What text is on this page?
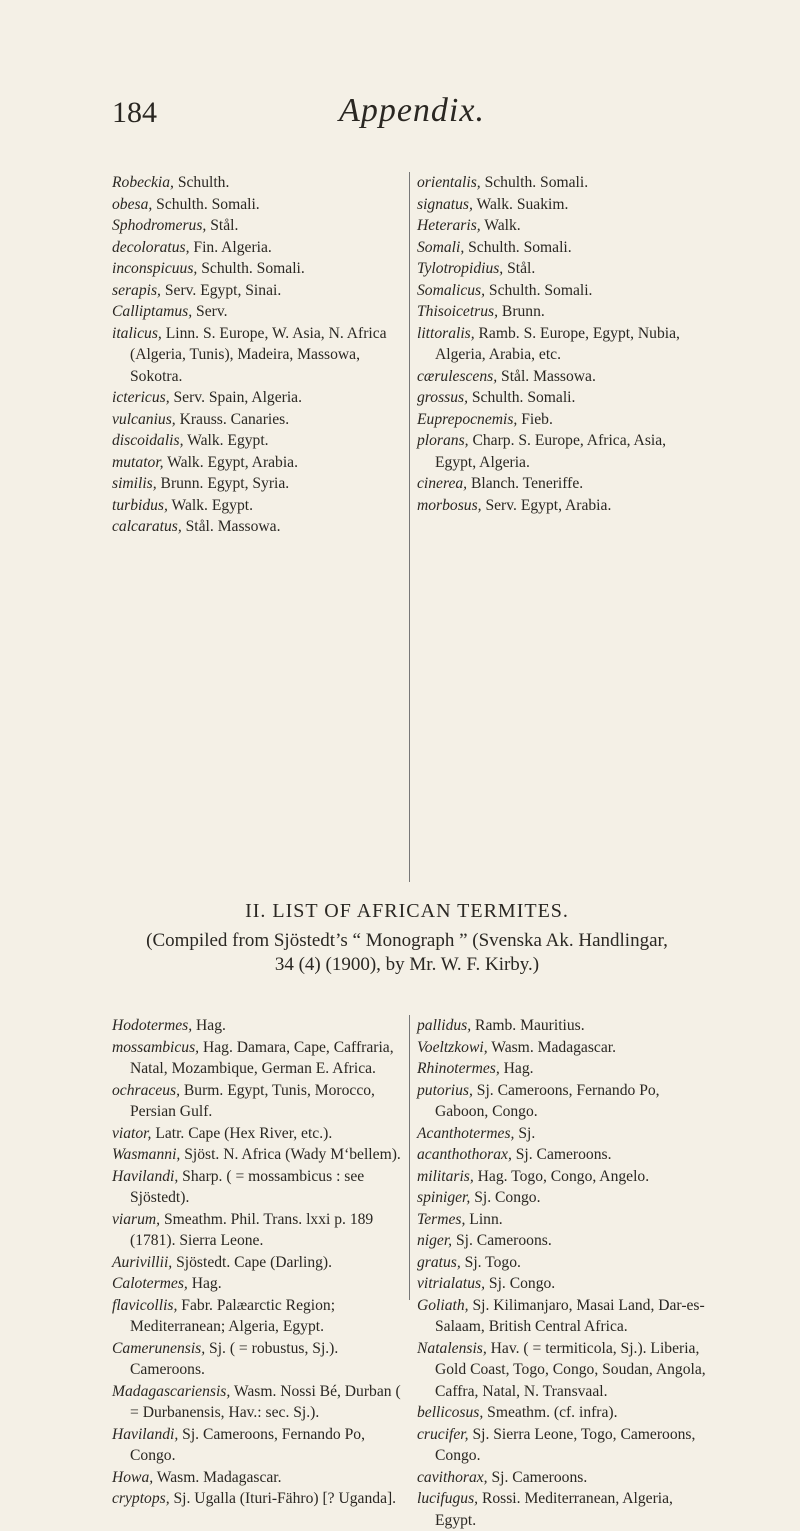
184	Appendix.
Robeckia, Schulth.
obesa, Schulth. Somali.
Sphodromerus, Stål.
decoloratus, Fin. Algeria.
inconspicuus, Schulth. Somali.
serapis, Serv. Egypt, Sinai.
Calliptamus, Serv.
italicus, Linn. S. Europe, W. Asia, N. Africa (Algeria, Tunis), Madeira, Massowa, Sokotra.
ictericus, Serv. Spain, Algeria.
vulcanius, Krauss. Canaries.
discoidalis, Walk. Egypt.
mutator, Walk. Egypt, Arabia.
similis, Brunn. Egypt, Syria.
turbidus, Walk. Egypt.
calcaratus, Stål. Massowa.
orientalis, Schulth. Somali.
signatus, Walk. Suakim.
Heteraris, Walk.
Somali, Schulth. Somali.
Tylotropidius, Stål.
Somalicus, Schulth. Somali.
Thisoicetrus, Brunn.
littoralis, Ramb. S. Europe, Egypt, Nubia, Algeria, Arabia, etc.
cærulescens, Stål. Massowa.
grossus, Schulth. Somali.
Euprepocnemis, Fieb.
plorans, Charp. S. Europe, Africa, Asia, Egypt, Algeria.
cinerea, Blanch. Teneriffe.
morbosus, Serv. Egypt, Arabia.
II. LIST OF AFRICAN TERMITES.
(Compiled from Sjöstedt’s “ Monograph ” (Svenska Ak. Handlingar,
34 (4) (1900), by Mr. W. F. Kirby.)
Hodotermes, Hag.
mossambicus, Hag. Damara, Cape, Caffraria, Natal, Mozambique, German E. Africa.
ochraceus, Burm. Egypt, Tunis, Morocco, Persian Gulf.
viator, Latr. Cape (Hex River, etc.).
Wasmanni, Sjöst. N. Africa (Wady M‘bellem).
Havilandi, Sharp. ( = mossambicus : see Sjöstedt).
viarum, Smeathm. Phil. Trans. lxxi p. 189 (1781). Sierra Leone.
Aurivillii, Sjöstedt. Cape (Darling).
Calotermes, Hag.
flavicollis, Fabr. Palæarctic Region; Mediterranean; Algeria, Egypt.
Camerunensis, Sj. ( = robustus, Sj.). Cameroons.
Madagascariensis, Wasm. Nossi Bé, Durban ( = Durbanensis, Hav.: sec. Sj.).
Havilandi, Sj. Cameroons, Fernando Po, Congo.
Howa, Wasm. Madagascar.
cryptops, Sj. Ugalla (Ituri-Fähro) [? Uganda].
pallidus, Ramb. Mauritius.
Voeltzkowi, Wasm. Madagascar.
Rhinotermes, Hag.
putorius, Sj. Cameroons, Fernando Po, Gaboon, Congo.
Acanthotermes, Sj.
acanthothorax, Sj. Cameroons.
militaris, Hag. Togo, Congo, Angelo.
spiniger, Sj. Congo.
Termes, Linn.
niger, Sj. Cameroons.
gratus, Sj. Togo.
vitrialatus, Sj. Congo.
Goliath, Sj. Kilimanjaro, Masai Land, Dar-es-Salaam, British Central Africa.
Natalensis, Hav. ( = termiticola, Sj.). Liberia, Gold Coast, Togo, Congo, Soudan, Angola, Caffra, Natal, N. Transvaal.
bellicosus, Smeathm. (cf. infra).
crucifer, Sj. Sierra Leone, Togo, Cameroons, Congo.
cavithorax, Sj. Cameroons.
lucifugus, Rossi. Mediterranean, Algeria, Egypt.
